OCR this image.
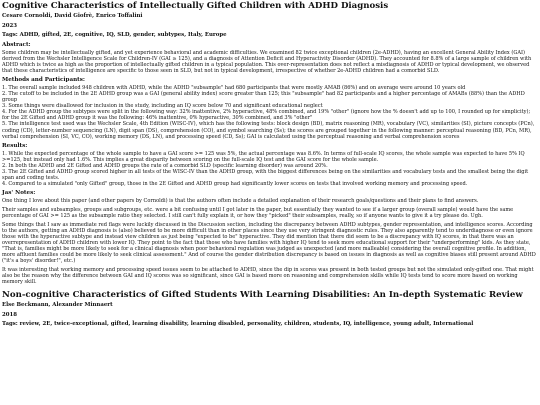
Cognitive Characteristics of Intellectually Gifted Children with ADHD Diagnosis
Cesare Cornoldi, David Giofrè, Enrico Toffalini
2023
Tags: ADHD, gifted, 2E, cognitive, IQ, SLD, gender, subtypes, Italy, Europe
Abstract:

Some children may be intellectually gifted, and yet experience behavioral and academic difficulties. We examined 82 twice exceptional children (2e-ADHD), having an excellent General Ability Index (GAI) derived from the Wechsler Intelligence Scale for Children-IV (GAI ≥ 125), and a diagnosis of Attention Deficit and Hyperactivity Disorder (ADHD). They accounted for 8.8% of a large sample of children with ADHD which is twice as high as the proportion of intellectually gifted children in a typical population. This over-representation does not reflect a misdiagnosis of ADHD or typical development, we observed that these characteristics of intelligence are specific to those seen in SLD, but not in typical development, irrespective of whether 2e-ADHD children had a comorbid SLD.

Methods and Participants:
1. The overall sample included 948 children with ADHD, while the ADHD "subsample" had 680 participants that were mostly AMAB (86%) and on average were around 10 years old
2. The cutoff to be included in the 2E ADHD group was a GAI (general ability index) score greater than 125; this "subsample" had 82 participants and a higher percentage of AMABs (88%) than the ADHD group
3. Some things were disallowed for inclusion in the study, including an IQ score below 70 and significant educational neglect
4. For the ADHD group the subtypes were split in the following way: 32% inattentive, 2% hyperactive, 48% combined, and 19% "other" (ignore how the % doesn't add up to 100, I rounded up for simplicity); for the 2E Gifted and ADHD group it was the following: 46% inattentive, 0% hyperactive, 30% combined, and 3% "other"
5. The intelligence test used was the Wechsler Scale, 4th Edition (WISC-IV), which has the following tests: block design (BD), matrix reasoning (MR), vocabulary (VC), similarities (SI), picture concepts (PCn), coding (CD), letter-number sequencing (LN), digit span (DS), comprehension (CO), and symbol searching (Ss); the scores are grouped together in the following manner: perceptual reasoning (BD, PCn, MR), verbal comprehension (SI, VC, CO), working memory (DS, LN), and processing speed (CD, Ss); GAI is calculated using the perceptual reasoning and verbal comprehension scores
Results:
1. While the expected percentage of the whole sample to have a GAI score >= 125 was 5%, the actual percentage was 8.6%. In terms of full-scale IQ scores, the whole sample was expected to have 5% IQ >=125, but instead only had 1.6%. This implies a great disparity between scoring on the full-scale IQ test and the GAI score for the whole sample.
2. In both the ADHD and 2E Gifted and ADHD groups the rate of a comorbid SLD (specific learning disorder) was around 20%.
3. The 2E Gifted and ADHD group scored higher in all tests of the WISC-IV than the ADHD group, with the biggest differences being on the similarities and vocabulary tests and the smallest being the digit span and coding tests.
4. Compared to a simulated "only Gifted" group, those in the 2E Gifted and ADHD group had significantly lower scores on tests that involved working memory and processing speed.
Jas' Notes:

One thing I love about this paper (and other papers by Cornoldi) is that the authors often include a detailed explanation of their research goals/questions and their plans to find answers.

Their samples and subsamples, groups and subgroups, etc. were a bit confusing until I got later in the paper, but essentially they wanted to see if a larger group (overall sample) would have the same percentage of GAI >= 125 as the subsample ratio they selected. I still can't fully explain it, or how they "picked" their subsamples, really, so if anyone wants to give it a try please do. Ugh.

Some things that I saw as immediate red flags were luckily discussed in the Discussion section, including the discrepancy between ADHD subtypes, gender representation, and intelligence scores. According to the authors, getting an ADHD diagnosis is (also) believed to be more difficult than in other places since they use very stringent diagnostic rules. They also apparently tend to underdiagnose or even ignore those with the hyperactive subtype and instead view children as just being "expected to be" hyperactive. They did mention that there did seem to be a discrepancy with IQ scores, in that there was an overrepresentation of ADHD children with lower IQ. They point to the fact that those who have families with higher IQ tend to seek more educational support for their "underperforming" kids. As they state, "That is, families might be more likely to seek for a clinical diagnosis when poor behavioral regulation was judged as unexpected (and more malleable) considering the overall cognitive profile. In addition, more affluent families could be more likely to seek clinical assessment." And of course the gender distribution discrepancy is based on issues in diagnosis as well as cognitive biases still present around ADHD ("it's a boys' disorder!", etc.)

It was interesting that working memory and processing speed issues seem to be attached to ADHD, since the dip in scores was present in both tested groups but not the simulated only-gifted one. That might also be the reason why the difference between GAI and IQ scores was so significant, since GAI is based more on reasoning and comprehension skills while IQ tests tend to score more based on working memory skill.

Non-cognitive Characteristics of Gifted Students With Learning Disabilities: An In-depth Systematic Review
Else Beckmann, Alexander Minnaert
2018
Tags: review, 2E, twice-exceptional, gifted, learning disability, learning disabled, personality, children, students, IQ, intelligence, young adult, International
